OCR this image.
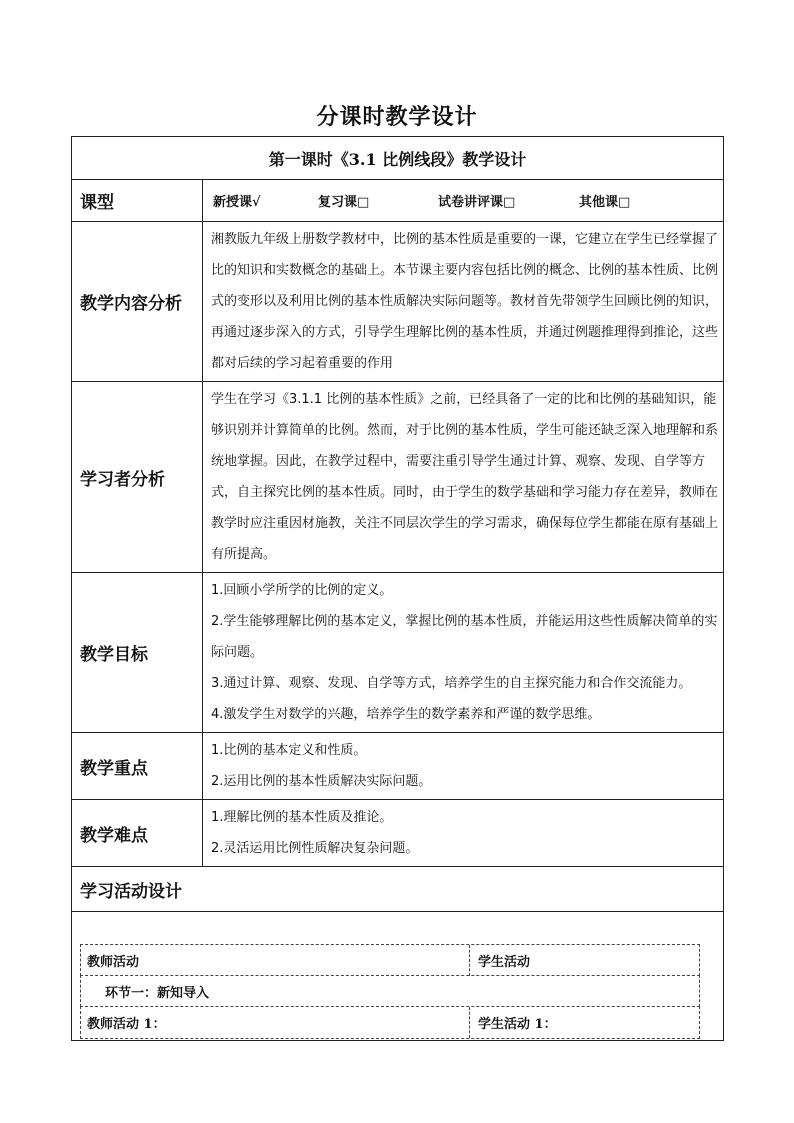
分课时教学设计
第一课时《3.1 比例线段》教学设计	
课型	新授课√ 复习课□ 试卷讲评课□ 其他课□
教学内容分析	湘教版九年级上册数学教材中，比例的基本性质是重要的一课，它建立在学生已经掌握了比的知识和实数概念的基础上。本节课主要内容包括比例的概念、比例的基本性质、比例式的变形以及利用比例的基本性质解决实际问题等。教材首先带领学生回顾比例的知识，再通过逐步深入的方式，引导学生理解比例的基本性质，并通过例题推理得到推论，这些都对后续的学习起着重要的作用

学习者分析	学生在学习《3.1.1 比例的基本性质》之前，已经具备了一定的比和比例的基础知识，能够识别并计算简单的比例。然而，对于比例的基本性质，学生可能还缺乏深入地理解和系统地掌握。因此，在教学过程中，需要注重引导学生通过计算、观察、发现、自学等方式，自主探究比例的基本性质。同时，由于学生的数学基础和学习能力存在差异，教师在教学时应注重因材施教，关注不同层次学生的学习需求，确保每位学生都能在原有基础上有所提高。

教学目标	1.回顾小学所学的比例的定义。

2.学生能够理解比例的基本定义，掌握比例的基本性质，并能运用这些性质解决简单的实际问题。

3.通过计算、观察、发现、自学等方式，培养学生的自主探究能力和合作交流能力。

4.激发学生对数学的兴趣，培养学生的数学素养和严谨的数学思维。

教学重点	1.比例的基本定义和性质。

2.运用比例的基本性质解决实际问题。

教学难点	1.理解比例的基本性质及推论。

2.灵活运用比例性质解决复杂问题。

学习活动设计	

教师活动 学生活动
环节一：新知导入
教师活动 1： 学生活动 1：	
